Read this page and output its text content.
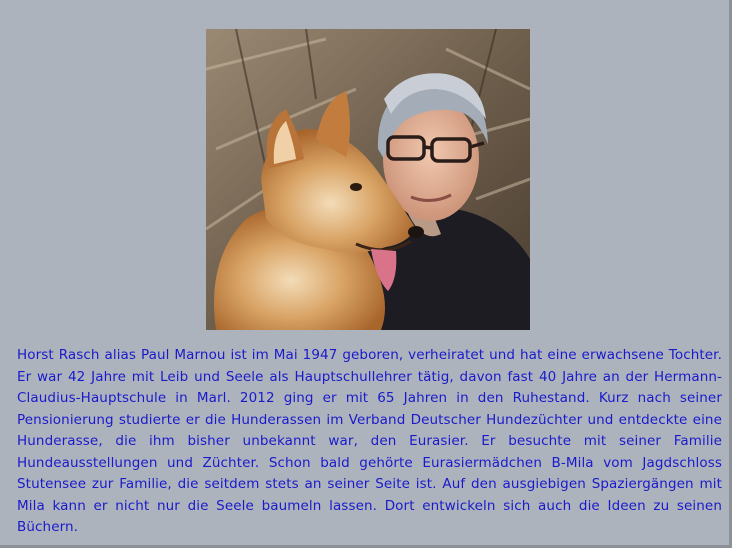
Horst Rasch alias Paul Marnou ist im Mai 1947 geboren, verheiratet und hat eine erwachsene Tochter. Er war 42 Jahre mit Leib und Seele als Hauptschullehrer tätig, davon fast 40 Jahre an der Hermann-Claudius-Hauptschule in Marl. 2012 ging er mit 65 Jahren in den Ruhestand. Kurz nach seiner Pensionierung studierte er die Hunderassen im Verband Deutscher Hundezüchter und entdeckte eine Hunderasse, die ihm bisher unbekannt war, den Eurasier. Er besuchte mit seiner Familie Hundeausstellungen und Züchter. Schon bald gehörte Eurasiermädchen B-Mila vom Jagdschloss Stutensee zur Familie, die seitdem stets an seiner Seite ist. Auf den ausgiebigen Spaziergängen mit Mila kann er nicht nur die Seele baumeln lassen. Dort entwickeln sich auch die Ideen zu seinen Büchern.
